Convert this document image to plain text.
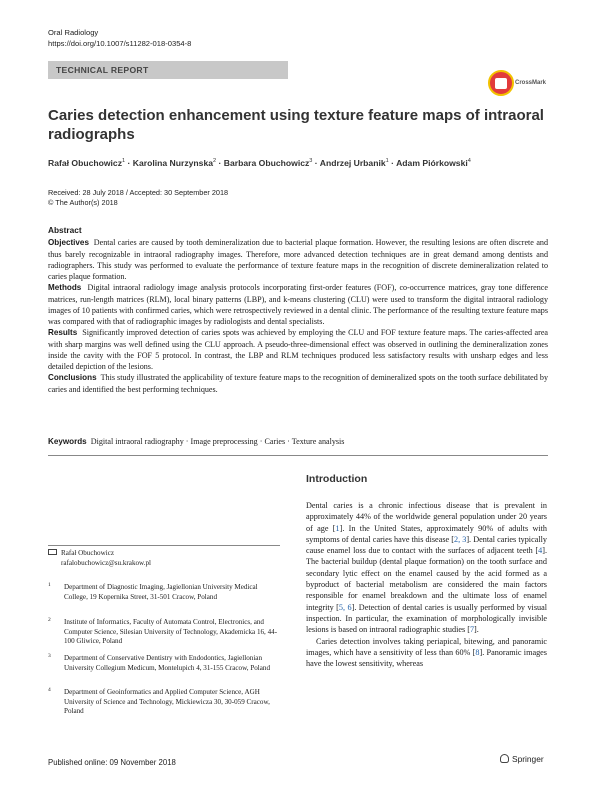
Oral Radiology
https://doi.org/10.1007/s11282-018-0354-8
TECHNICAL REPORT
CrossMark
Caries detection enhancement using texture feature maps of intraoral radiographs
Rafał Obuchowicz$^1$ · Karolina Nurzynska$^2$ · Barbara Obuchowicz$^3$ · Andrzej Urbanik$^1$ · Adam Piórkowski$^4$
Received: 28 July 2018 / Accepted: 30 September 2018
© The Author(s) 2018
Abstract

Objectives Dental caries are caused by tooth demineralization due to bacterial plaque formation. However, the resulting lesions are often discrete and thus barely recognizable in intraoral radiography images. Therefore, more advanced detection techniques are in great demand among dentists and radiographers. This study was performed to evaluate the performance of texture feature maps in the recognition of discrete demineralization related to caries plaque formation.

Methods Digital intraoral radiology image analysis protocols incorporating first-order features (FOF), co-occurrence matrices, gray tone difference matrices, run-length matrices (RLM), local binary patterns (LBP), and k-means clustering (CLU) were used to transform the digital intraoral radiology images of 10 patients with confirmed caries, which were retrospectively reviewed in a dental clinic. The performance of the resulting texture feature maps was compared with that of radiographic images by radiologists and dental specialists.

Results Significantly improved detection of caries spots was achieved by employing the CLU and FOF texture feature maps. The caries-affected area with sharp margins was well defined using the CLU approach. A pseudo-three-dimensional effect was observed in outlining the demineralization zones inside the cavity with the FOF 5 protocol. In contrast, the LBP and RLM techniques produced less satisfactory results with unsharp edges and less detailed depiction of the lesions.

Conclusions This study illustrated the applicability of texture feature maps to the recognition of demineralized spots on the tooth surface debilitated by caries and identified the best performing techniques.

Keywords Digital intraoral radiography · Image preprocessing · Caries · Texture analysis
Introduction

Dental caries is a chronic infectious disease that is prevalent in approximately 44% of the worldwide general population under 20 years of age [1]. In the United States, approximately 90% of adults with symptoms of dental caries have this disease [2, 3]. Dental caries typically cause enamel loss due to contact with the surfaces of adjacent teeth [4]. The bacterial buildup (dental plaque formation) on the tooth surface and secondary lytic effect on the enamel caused by the acid formed as a byproduct of bacterial metabolism are considered the main factors responsible for enamel breakdown and the ultimate loss of enamel integrity [5, 6]. Detection of dental caries is usually performed by visual inspection. In particular, the examination of morphologically invisible lesions is based on intraoral radiographic studies [7].

Caries detection involves taking periapical, bitewing, and panoramic images, which have a sensitivity of less than 60% [8]. Panoramic images have the lowest sensitivity, whereas

Rafał Obuchowicz
rafalobuchowicz@su.krakow.pl
1 Department of Diagnostic Imaging, Jagiellonian University Medical College, 19 Kopernika Street, 31-501 Cracow, Poland
2 Institute of Informatics, Faculty of Automata Control, Electronics, and Computer Science, Silesian University of Technology, Akademicka 16, 44-100 Gliwice, Poland
3 Department of Conservative Dentistry with Endodontics, Jagiellonian University Collegium Medicum, Montelupich 4, 31-155 Cracow, Poland
4 Department of Geoinformatics and Applied Computer Science, AGH University of Science and Technology, Mickiewicza 30, 30-059 Cracow, Poland
Published online: 09 November 2018	Springer
